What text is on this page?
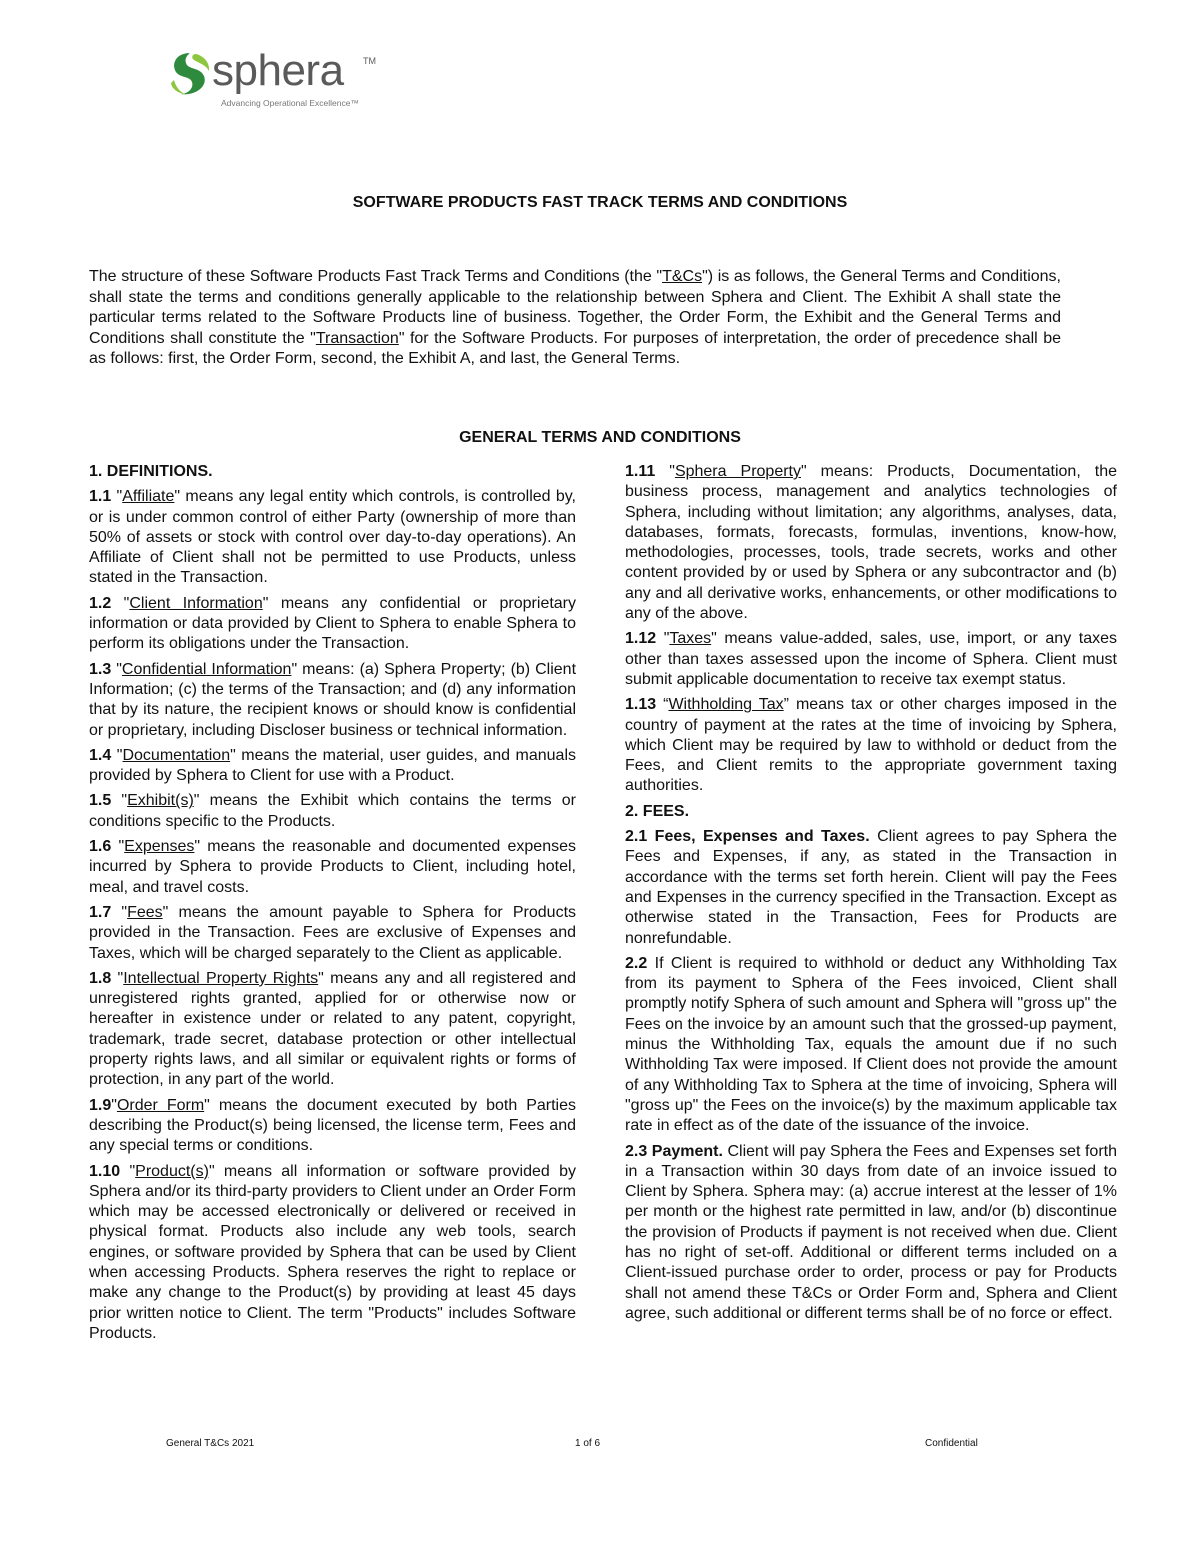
sphera TM
Advancing Operational Excellence™
SOFTWARE PRODUCTS FAST TRACK TERMS AND CONDITIONS

The structure of these Software Products Fast Track Terms and Conditions (the "T&Cs") is as follows, the General Terms and Conditions, shall state the terms and conditions generally applicable to the relationship between Sphera and Client. The Exhibit A shall state the particular terms related to the Software Products line of business. Together, the Order Form, the Exhibit and the General Terms and Conditions shall constitute the "Transaction" for the Software Products. For purposes of interpretation, the order of precedence shall be as follows: first, the Order Form, second, the Exhibit A, and last, the General Terms.

GENERAL TERMS AND CONDITIONS
1. DEFINITIONS.

1.1 "Affiliate" means any legal entity which controls, is controlled by, or is under common control of either Party (ownership of more than 50% of assets or stock with control over day-to-day operations). An Affiliate of Client shall not be permitted to use Products, unless stated in the Transaction.

1.2 "Client Information" means any confidential or proprietary information or data provided by Client to Sphera to enable Sphera to perform its obligations under the Transaction.

1.3 "Confidential Information" means: (a) Sphera Property; (b) Client Information; (c) the terms of the Transaction; and (d) any information that by its nature, the recipient knows or should know is confidential or proprietary, including Discloser business or technical information.

1.4 "Documentation" means the material, user guides, and manuals provided by Sphera to Client for use with a Product.

1.5 "Exhibit(s)" means the Exhibit which contains the terms or conditions specific to the Products.

1.6 "Expenses" means the reasonable and documented expenses incurred by Sphera to provide Products to Client, including hotel, meal, and travel costs.

1.7 "Fees" means the amount payable to Sphera for Products provided in the Transaction. Fees are exclusive of Expenses and Taxes, which will be charged separately to the Client as applicable.

1.8 "Intellectual Property Rights" means any and all registered and unregistered rights granted, applied for or otherwise now or hereafter in existence under or related to any patent, copyright, trademark, trade secret, database protection or other intellectual property rights laws, and all similar or equivalent rights or forms of protection, in any part of the world.

1.9"Order Form" means the document executed by both Parties describing the Product(s) being licensed, the license term, Fees and any special terms or conditions.

1.10 "Product(s)" means all information or software provided by Sphera and/or its third-party providers to Client under an Order Form which may be accessed electronically or delivered or received in physical format. Products also include any web tools, search engines, or software provided by Sphera that can be used by Client when accessing Products. Sphera reserves the right to replace or make any change to the Product(s) by providing at least 45 days prior written notice to Client. The term "Products" includes Software Products.

1.11 "Sphera Property" means: Products, Documentation, the business process, management and analytics technologies of Sphera, including without limitation; any algorithms, analyses, data, databases, formats, forecasts, formulas, inventions, know-how, methodologies, processes, tools, trade secrets, works and other content provided by or used by Sphera or any subcontractor and (b) any and all derivative works, enhancements, or other modifications to any of the above.

1.12 "Taxes" means value-added, sales, use, import, or any taxes other than taxes assessed upon the income of Sphera. Client must submit applicable documentation to receive tax exempt status.

1.13 “Withholding Tax” means tax or other charges imposed in the country of payment at the rates at the time of invoicing by Sphera, which Client may be required by law to withhold or deduct from the Fees, and Client remits to the appropriate government taxing authorities.

2. FEES.

2.1 Fees, Expenses and Taxes. Client agrees to pay Sphera the Fees and Expenses, if any, as stated in the Transaction in accordance with the terms set forth herein. Client will pay the Fees and Expenses in the currency specified in the Transaction. Except as otherwise stated in the Transaction, Fees for Products are nonrefundable.

2.2 If Client is required to withhold or deduct any Withholding Tax from its payment to Sphera of the Fees invoiced, Client shall promptly notify Sphera of such amount and Sphera will "gross up" the Fees on the invoice by an amount such that the grossed-up payment, minus the Withholding Tax, equals the amount due if no such Withholding Tax were imposed. If Client does not provide the amount of any Withholding Tax to Sphera at the time of invoicing, Sphera will "gross up" the Fees on the invoice(s) by the maximum applicable tax rate in effect as of the date of the issuance of the invoice.

2.3 Payment. Client will pay Sphera the Fees and Expenses set forth in a Transaction within 30 days from date of an invoice issued to Client by Sphera. Sphera may: (a) accrue interest at the lesser of 1% per month or the highest rate permitted in law, and/or (b) discontinue the provision of Products if payment is not received when due. Client has no right of set-off. Additional or different terms included on a Client-issued purchase order to order, process or pay for Products shall not amend these T&Cs or Order Form and, Sphera and Client agree, such additional or different terms shall be of no force or effect.

General T&Cs 2021	1 of 6	Confidential
